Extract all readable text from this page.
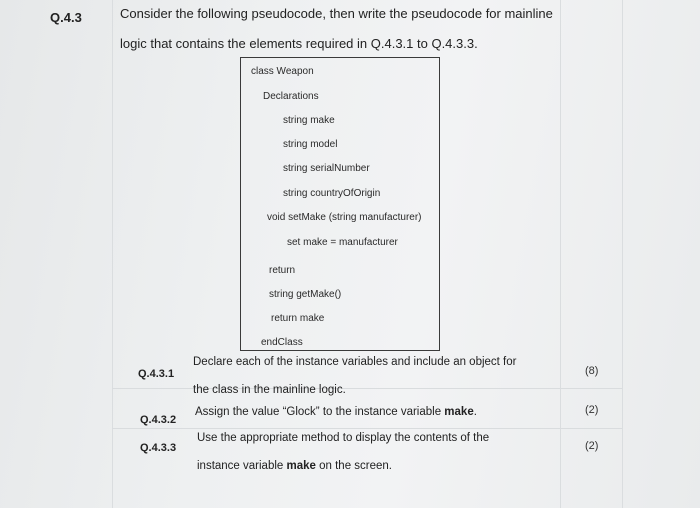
Q.4.3	Consider the following pseudocode, then write the pseudocode for mainline
logic that contains the elements required in Q.4.3.1 to Q.4.3.3.
class Weapon
Declarations
string make
string model
string serialNumber
string countryOfOrigin
void setMake (string manufacturer)
set make = manufacturer
return
string getMake()
return make
endClass
Q.4.3.1
Declare each of the instance variables and include an object for
the class in the mainline logic.
(8)
Q.4.3.2
Assign the value “Glock” to the instance variable make.	(2)
Q.4.3.3
Use the appropriate method to display the contents of the
instance variable make on the screen.
(2)
